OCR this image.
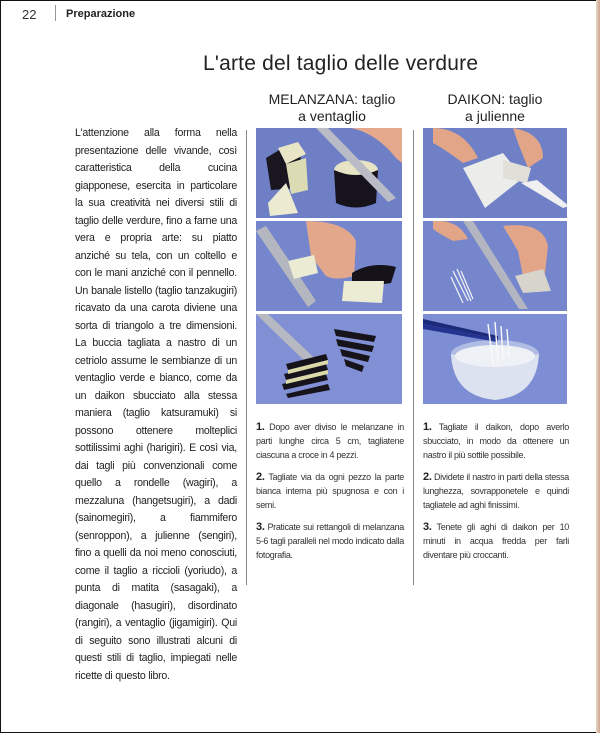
22	Preparazione
L'arte del taglio delle verdure
MELANZANA: taglio
a ventaglio
DAIKON: taglio
a julienne
L'attenzione alla forma nella presentazione delle vivande, così caratteristica della cucina giapponese, esercita in particolare la sua creatività nei diversi stili di taglio delle verdure, fino a farne una vera e propria arte: su piatto anziché su tela, con un coltello e con le mani anziché con il pennello. Un banale listello (taglio tanzakugiri) ricavato da una carota diviene una sorta di triangolo a tre dimensioni. La buccia tagliata a nastro di un cetriolo assume le sembianze di un ventaglio verde e bianco, come da un daikon sbucciato alla stessa maniera (taglio katsuramuki) si possono ottenere molteplici sottilissimi aghi (harigiri). E così via, dai tagli più convenzionali come quello a rondelle (wagiri), a mezzaluna (hangetsugiri), a dadi (sainomegiri), a fiammifero (senroppon), a julienne (sengiri), fino a quelli da noi meno conosciuti, come il taglio a riccioli (yoriudo), a punta di matita (sasagaki), a diagonale (hasugiri), disordinato (rangiri), a ventaglio (jigamigiri). Qui di seguito sono illustrati alcuni di questi stili di taglio, impiegati nelle ricette di questo libro.

1. Dopo aver diviso le melanzane in parti lunghe circa 5 cm, tagliatene ciascuna a croce in 4 pezzi.

2. Tagliate via da ogni pezzo la parte bianca interna più spugnosa e con i semi.

3. Praticate sui rettangoli di melanzana 5-6 tagli paralleli nel modo indicato dalla fotografia.

1. Tagliate il daikon, dopo averlo sbucciato, in modo da ottenere un nastro il più sottile possibile.

2. Dividete il nastro in parti della stessa lunghezza, sovrapponetele e quindi tagliatele ad aghi finissimi.

3. Tenete gli aghi di daikon per 10 minuti in acqua fredda per farli diventare più croccanti.
